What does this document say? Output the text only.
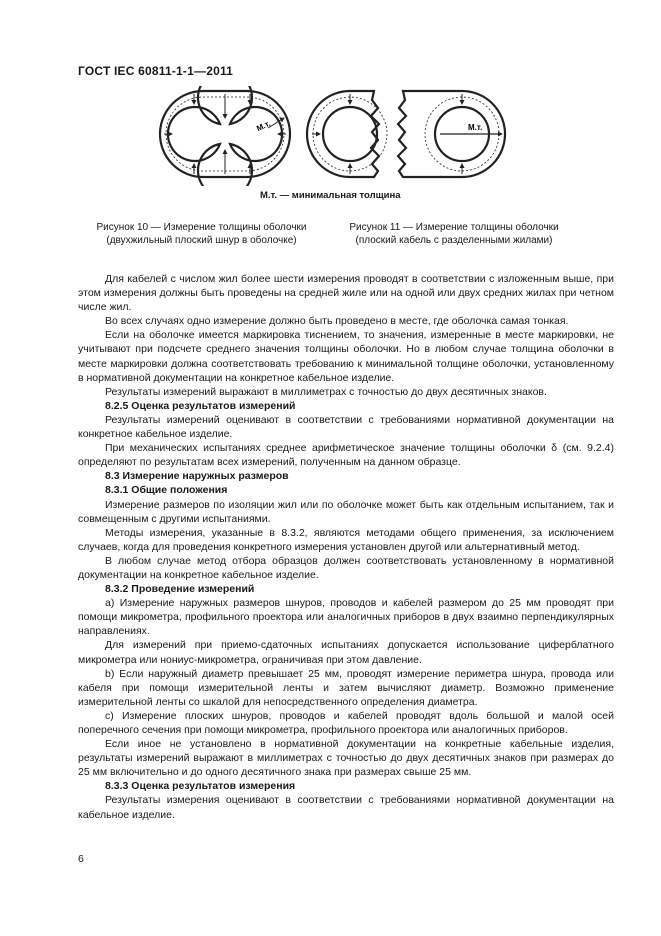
ГОСТ IEC 60811-1-1—2011
М.т.	М.т.
М.т. — минимальная толщина
Рисунок 10 — Измерение толщины оболочки
(двухжильный плоский шнур в оболочке)
Рисунок 11 — Измерение толщины оболочки
(плоский кабель с разделенными жилами)

Для кабелей с числом жил более шести измерения проводят в соответствии с изложенным выше, при этом измерения должны быть проведены на средней жиле или на одной или двух средних жилах при четном числе жил.

Во всех случаях одно измерение должно быть проведено в месте, где оболочка самая тонкая.

Если на оболочке имеется маркировка тиснением, то значения, измеренные в месте маркировки, не учитывают при подсчете среднего значения толщины оболочки. Но в любом случае толщина оболочки в месте маркировки должна соответствовать требованию к минимальной толщине оболочки, установленному в нормативной документации на конкретное кабельное изделие.

Результаты измерений выражают в миллиметрах с точностью до двух десятичных знаков.

8.2.5 Оценка результатов измерений

Результаты измерений оценивают в соответствии с требованиями нормативной документации на конкретное кабельное изделие.

При механических испытаниях среднее арифметическое значение толщины оболочки δ (см. 9.2.4) определяют по результатам всех измерений, полученным на данном образце.

8.3 Измерение наружных размеров

8.3.1 Общие положения

Измерение размеров по изоляции жил или по оболочке может быть как отдельным испытанием, так и совмещенным с другими испытаниями.

Методы измерения, указанные в 8.3.2, являются методами общего применения, за исключением случаев, когда для проведения конкретного измерения установлен другой или альтернативный метод.

В любом случае метод отбора образцов должен соответствовать установленному в нормативной документации на конкретное кабельное изделие.

8.3.2 Проведение измерений

а) Измерение наружных размеров шнуров, проводов и кабелей размером до 25 мм проводят при помощи микрометра, профильного проектора или аналогичных приборов в двух взаимно перпендикулярных направлениях.

Для измерений при приемо-сдаточных испытаниях допускается использование циферблатного микрометра или нониус-микрометра, ограничивая при этом давление.

b) Если наружный диаметр превышает 25 мм, проводят измерение периметра шнура, провода или кабеля при помощи измерительной ленты и затем вычисляют диаметр. Возможно применение измерительной ленты со шкалой для непосредственного определения диаметра.

с) Измерение плоских шнуров, проводов и кабелей проводят вдоль большой и малой осей поперечного сечения при помощи микрометра, профильного проектора или аналогичных приборов.

Если иное не установлено в нормативной документации на конкретные кабельные изделия, результаты измерений выражают в миллиметрах с точностью до двух десятичных знаков при размерах до 25 мм включительно и до одного десятичного знака при размерах свыше 25 мм.

8.3.3 Оценка результатов измерения

Результаты измерения оценивают в соответствии с требованиями нормативной документации на кабельное изделие.

6
